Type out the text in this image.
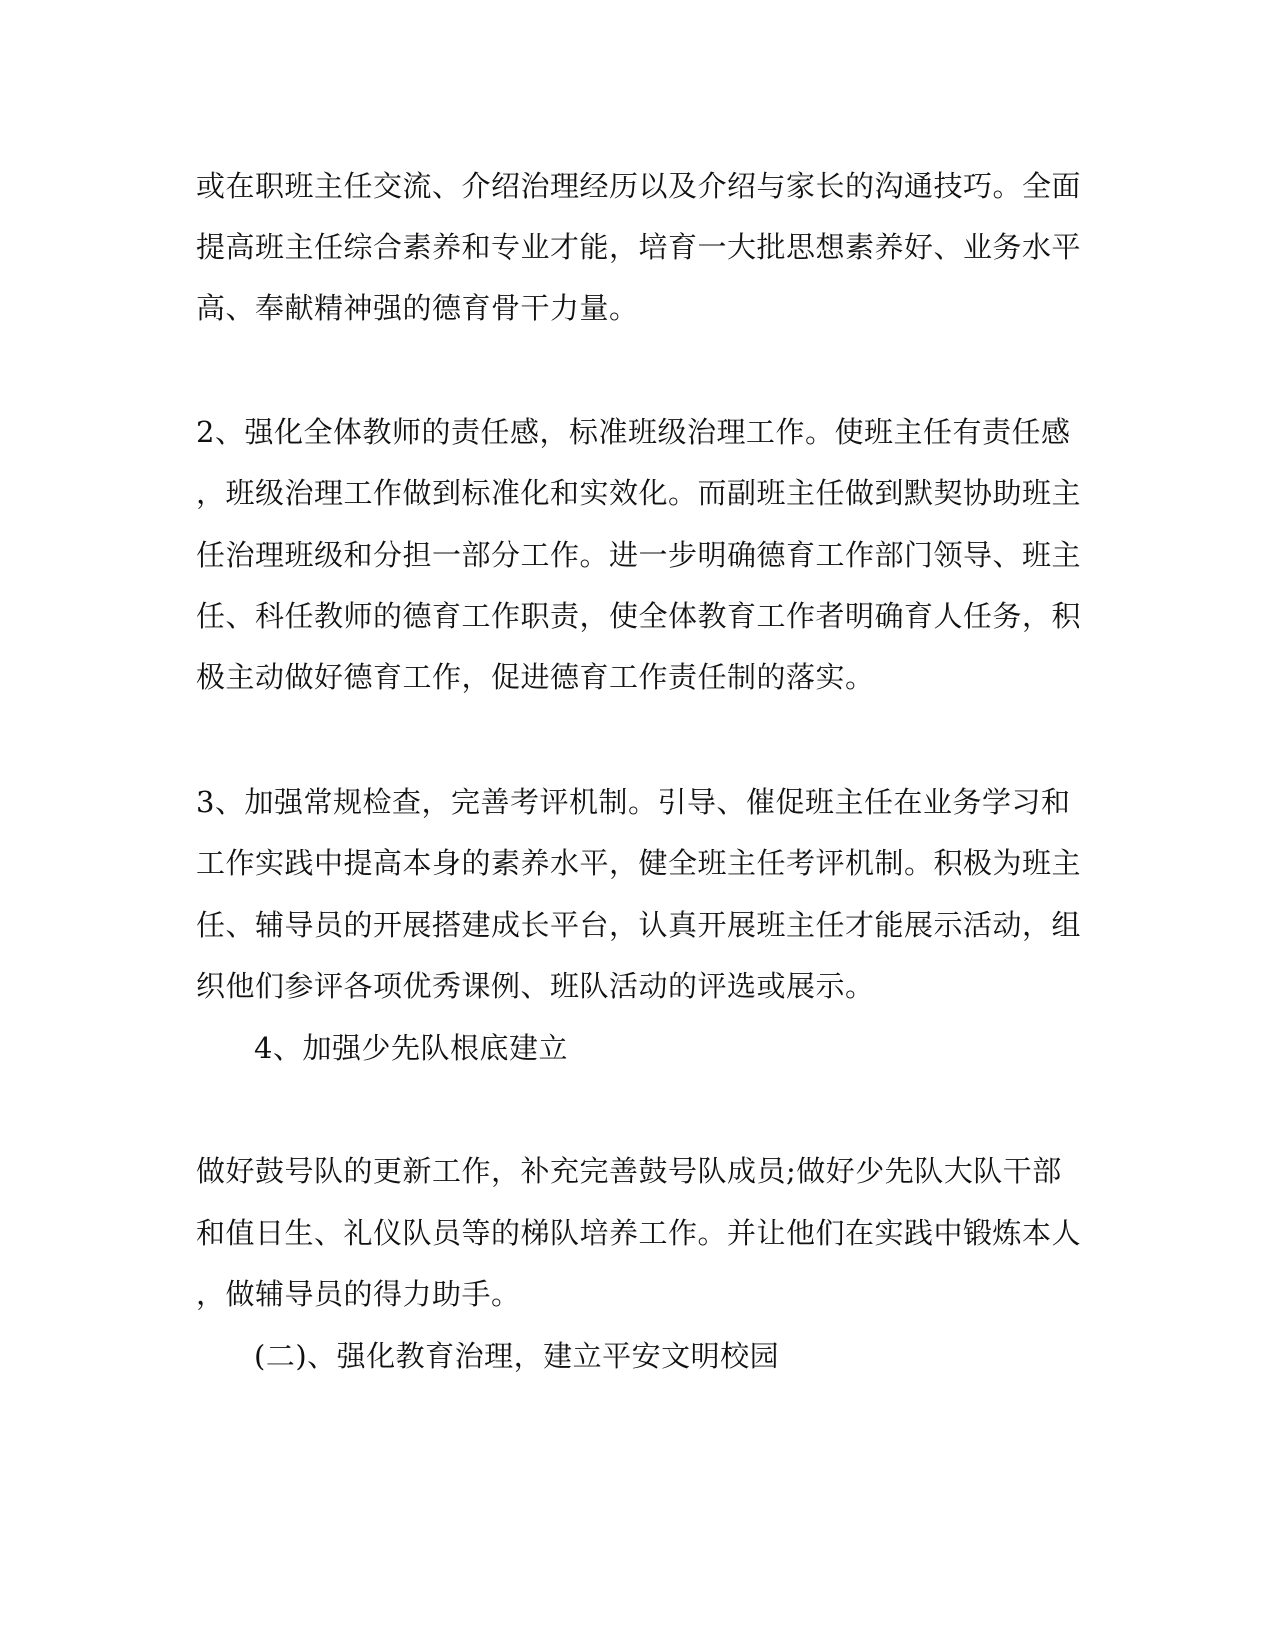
或在职班主任交流、介绍治理经历以及介绍与家长的沟通技巧。全面
提高班主任综合素养和专业才能，培育一大批思想素养好、业务水平
高、奉献精神强的德育骨干力量。
2、强化全体教师的责任感，标准班级治理工作。使班主任有责任感
，班级治理工作做到标准化和实效化。而副班主任做到默契协助班主
任治理班级和分担一部分工作。进一步明确德育工作部门领导、班主
任、科任教师的德育工作职责，使全体教育工作者明确育人任务，积
极主动做好德育工作，促进德育工作责任制的落实。
3、加强常规检查，完善考评机制。引导、催促班主任在业务学习和
工作实践中提高本身的素养水平，健全班主任考评机制。积极为班主
任、辅导员的开展搭建成长平台，认真开展班主任才能展示活动，组
织他们参评各项优秀课例、班队活动的评选或展示。
4、加强少先队根底建立
做好鼓号队的更新工作，补充完善鼓号队成员;做好少先队大队干部
和值日生、礼仪队员等的梯队培养工作。并让他们在实践中锻炼本人
，做辅导员的得力助手。
(二)、强化教育治理，建立平安文明校园
